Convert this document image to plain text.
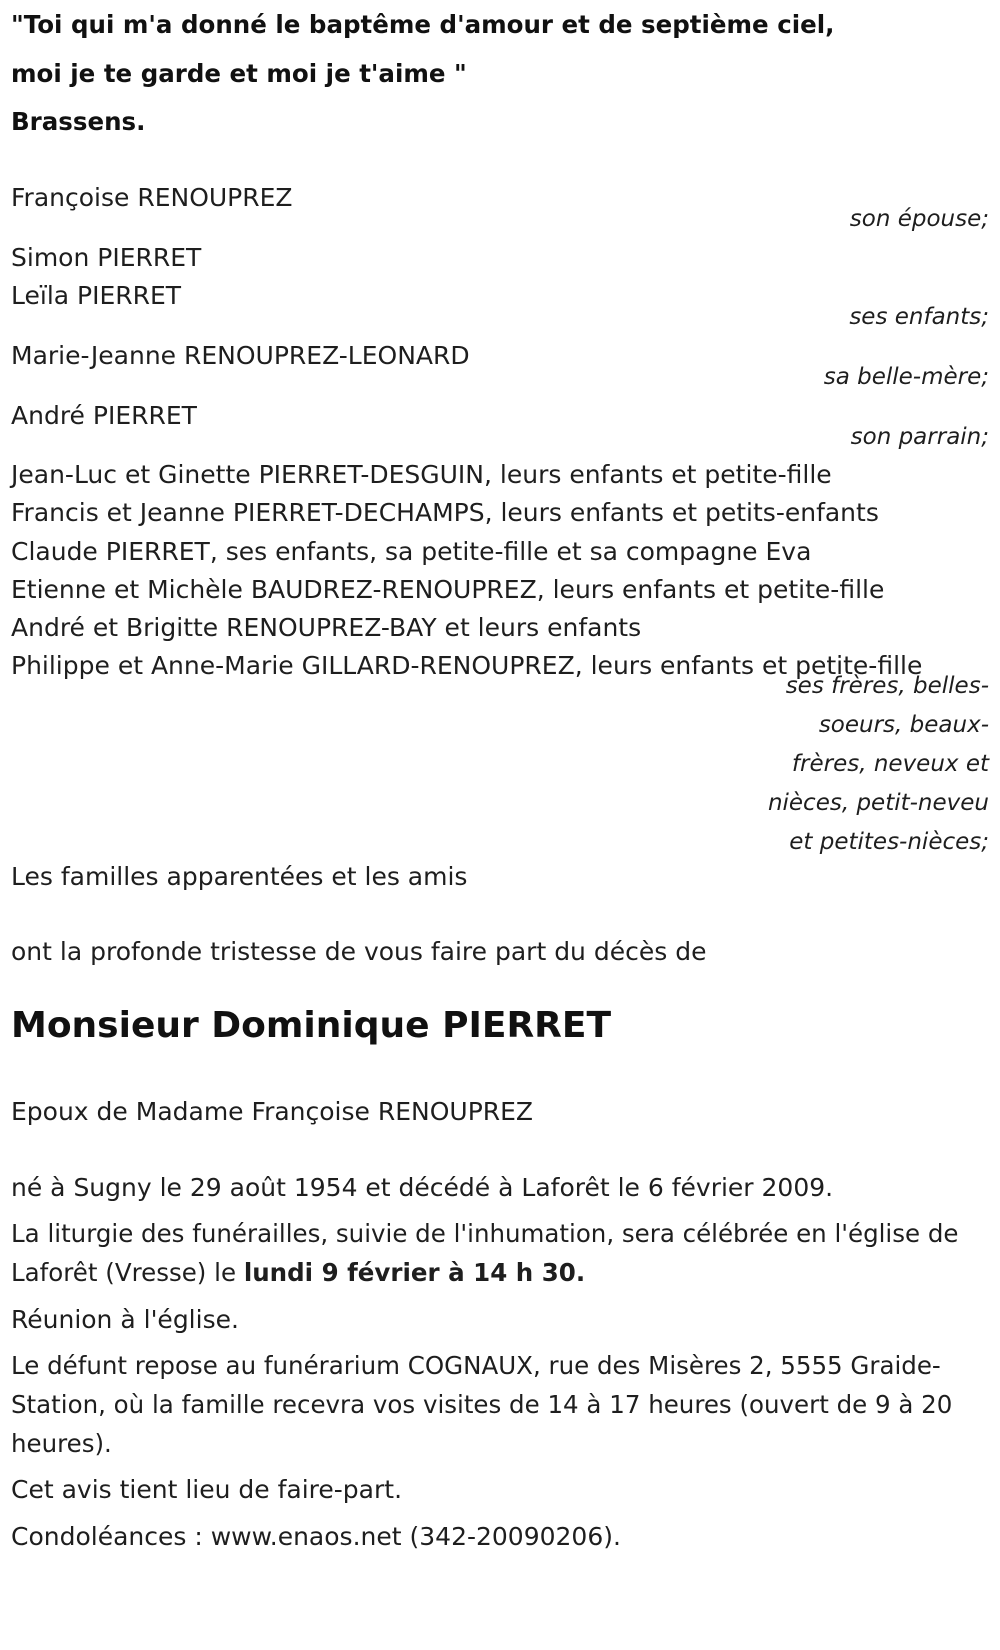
"Toi qui m'a donné le baptême d'amour et de septième ciel,
moi je te garde et moi je t'aime "
Brassens.
Françoise RENOUPREZ
son épouse;
Simon PIERRET
Leïla PIERRET
ses enfants;
Marie-Jeanne RENOUPREZ-LEONARD
sa belle-mère;
André PIERRET
son parrain;
Jean-Luc et Ginette PIERRET-DESGUIN, leurs enfants et petite-fille
Francis et Jeanne PIERRET-DECHAMPS, leurs enfants et petits-enfants
Claude PIERRET, ses enfants, sa petite-fille et sa compagne Eva
Etienne et Michèle BAUDREZ-RENOUPREZ, leurs enfants et petite-fille
André et Brigitte RENOUPREZ-BAY et leurs enfants
Philippe et Anne-Marie GILLARD-RENOUPREZ, leurs enfants et petite-fille
ses frères, belles-
soeurs, beaux-
frères, neveux et
nièces, petit-neveu
et petites-nièces;
Les familles apparentées et les amis
ont la profonde tristesse de vous faire part du décès de
Monsieur Dominique PIERRET
Epoux de Madame Françoise RENOUPREZ
né à Sugny le 29 août 1954 et décédé à Laforêt le 6 février 2009.
La liturgie des funérailles, suivie de l'inhumation, sera célébrée en l'église de Laforêt (Vresse) le lundi 9 février à 14 h 30.
Réunion à l'église.
Le défunt repose au funérarium COGNAUX, rue des Misères 2, 5555 Graide-Station, où la famille recevra vos visites de 14 à 17 heures (ouvert de 9 à 20 heures).
Cet avis tient lieu de faire-part.
Condoléances : www.enaos.net (342-20090206).
